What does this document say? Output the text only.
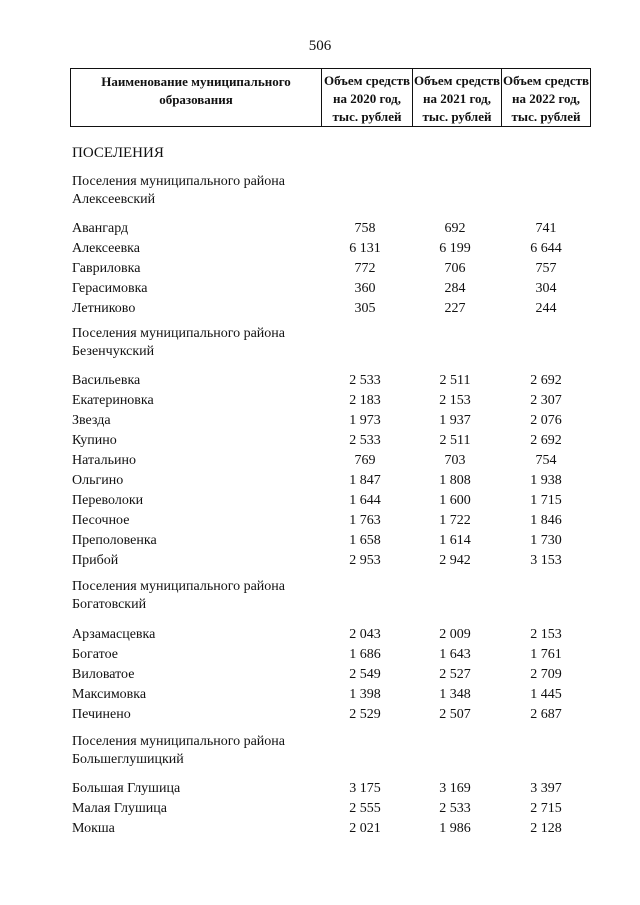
506
Наименование муниципального образования	Объем средств на 2020 год, тыс. рублей	Объем средств на 2021 год, тыс. рублей	Объем средств на 2022 год, тыс. рублей
ПОСЕЛЕНИЯ
Поселения муниципального района Алексеевский
Авангард	758	692	741
Алексеевка	6 131	6 199	6 644
Гавриловка	772	706	757
Герасимовка	360	284	304
Летниково	305	227	244
Поселения муниципального района Безенчукский
Васильевка	2 533	2 511	2 692
Екатериновка	2 183	2 153	2 307
Звезда	1 973	1 937	2 076
Купино	2 533	2 511	2 692
Натальино	769	703	754
Ольгино	1 847	1 808	1 938
Переволоки	1 644	1 600	1 715
Песочное	1 763	1 722	1 846
Преполовенка	1 658	1 614	1 730
Прибой	2 953	2 942	3 153
Поселения муниципального района Богатовский
Арзамасцевка	2 043	2 009	2 153
Богатое	1 686	1 643	1 761
Виловатое	2 549	2 527	2 709
Максимовка	1 398	1 348	1 445
Печинено	2 529	2 507	2 687
Поселения муниципального района Большеглушицкий
Большая Глушица	3 175	3 169	3 397
Малая Глушица	2 555	2 533	2 715
Мокша	2 021	1 986	2 128
